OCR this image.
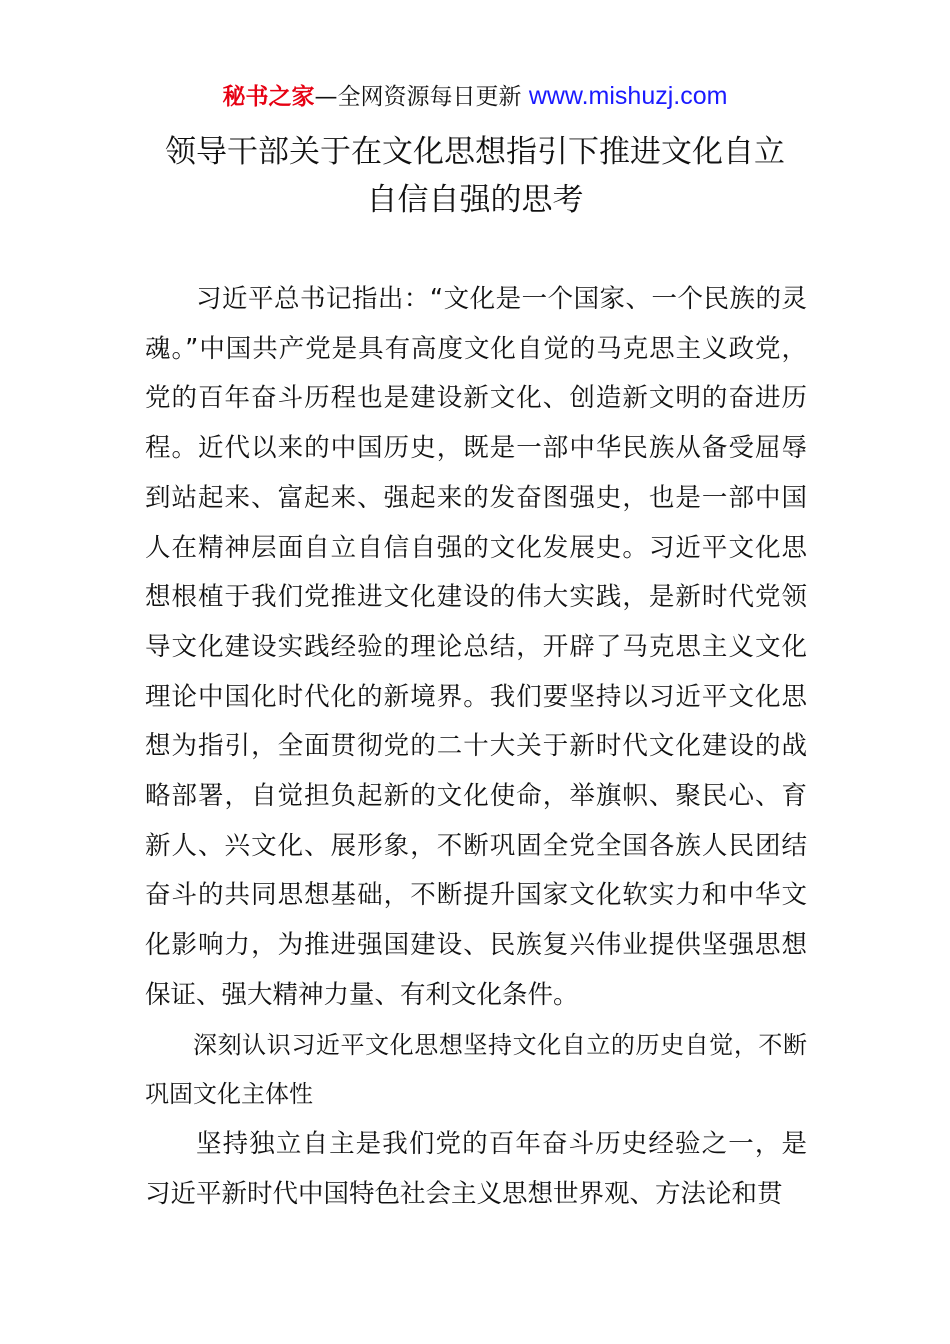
秘书之家—全网资源每日更新 www.mishuzj.com
领导干部关于在文化思想指引下推进文化自立
自信自强的思考

习近平总书记指出：“文化是一个国家、一个民族的灵魂。”中国共产党是具有高度文化自觉的马克思主义政党，党的百年奋斗历程也是建设新文化、创造新文明的奋进历程。近代以来的中国历史，既是一部中华民族从备受屈辱到站起来、富起来、强起来的发奋图强史，也是一部中国人在精神层面自立自信自强的文化发展史。习近平文化思想根植于我们党推进文化建设的伟大实践，是新时代党领导文化建设实践经验的理论总结，开辟了马克思主义文化理论中国化时代化的新境界。我们要坚持以习近平文化思想为指引，全面贯彻党的二十大关于新时代文化建设的战略部署，自觉担负起新的文化使命，举旗帜、聚民心、育新人、兴文化、展形象，不断巩固全党全国各族人民团结奋斗的共同思想基础，不断提升国家文化软实力和中华文化影响力，为推进强国建设、民族复兴伟业提供坚强思想保证、强大精神力量、有利文化条件。

深刻认识习近平文化思想坚持文化自立的历史自觉，不断巩固文化主体性

坚持独立自主是我们党的百年奋斗历史经验之一，是习近平新时代中国特色社会主义思想世界观、方法论和贯
